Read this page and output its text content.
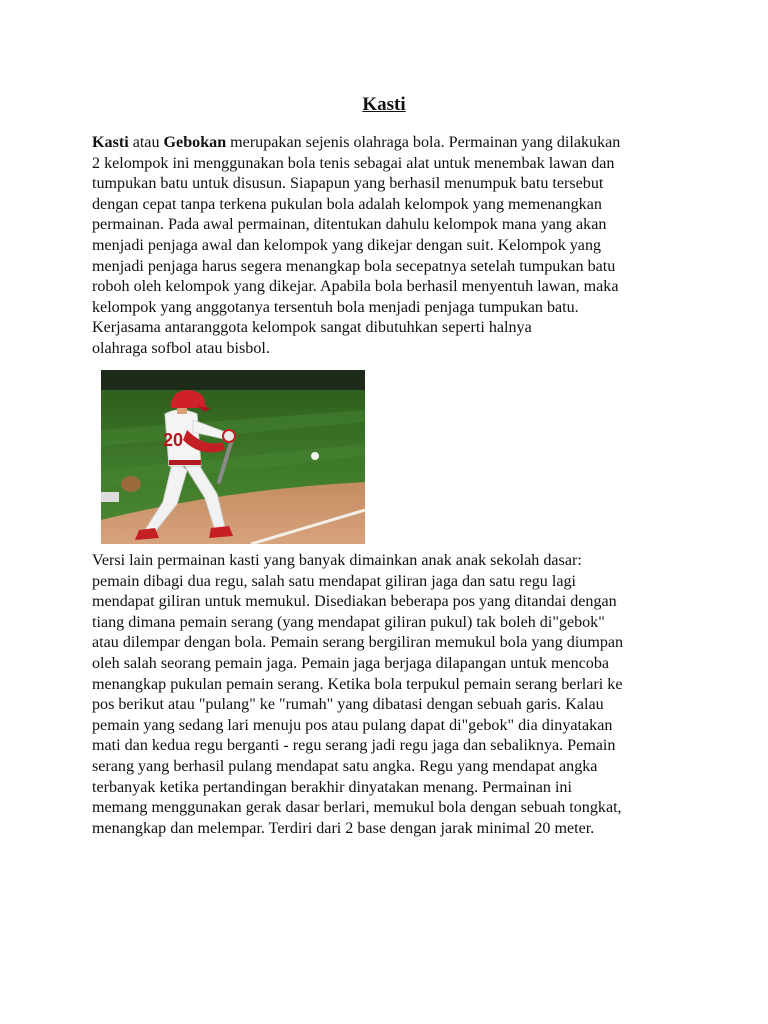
Kasti

Kasti atau Gebokan merupakan sejenis olahraga bola. Permainan yang dilakukan
2 kelompok ini menggunakan bola tenis sebagai alat untuk menembak lawan dan
tumpukan batu untuk disusun. Siapapun yang berhasil menumpuk batu tersebut
dengan cepat tanpa terkena pukulan bola adalah kelompok yang memenangkan
permainan. Pada awal permainan, ditentukan dahulu kelompok mana yang akan
menjadi penjaga awal dan kelompok yang dikejar dengan suit. Kelompok yang
menjadi penjaga harus segera menangkap bola secepatnya setelah tumpukan batu
roboh oleh kelompok yang dikejar. Apabila bola berhasil menyentuh lawan, maka
kelompok yang anggotanya tersentuh bola menjadi penjaga tumpukan batu.
Kerjasama antaranggota kelompok sangat dibutuhkan seperti halnya
olahraga sofbol atau bisbol.

20

Versi lain permainan kasti yang banyak dimainkan anak anak sekolah dasar:
pemain dibagi dua regu, salah satu mendapat giliran jaga dan satu regu lagi
mendapat giliran untuk memukul. Disediakan beberapa pos yang ditandai dengan
tiang dimana pemain serang (yang mendapat giliran pukul) tak boleh di"gebok"
atau dilempar dengan bola. Pemain serang bergiliran memukul bola yang diumpan
oleh salah seorang pemain jaga. Pemain jaga berjaga dilapangan untuk mencoba
menangkap pukulan pemain serang. Ketika bola terpukul pemain serang berlari ke
pos berikut atau "pulang" ke "rumah" yang dibatasi dengan sebuah garis. Kalau
pemain yang sedang lari menuju pos atau pulang dapat di"gebok" dia dinyatakan
mati dan kedua regu berganti - regu serang jadi regu jaga dan sebaliknya. Pemain
serang yang berhasil pulang mendapat satu angka. Regu yang mendapat angka
terbanyak ketika pertandingan berakhir dinyatakan menang. Permainan ini
memang menggunakan gerak dasar berlari, memukul bola dengan sebuah tongkat,
menangkap dan melempar. Terdiri dari 2 base dengan jarak minimal 20 meter.
